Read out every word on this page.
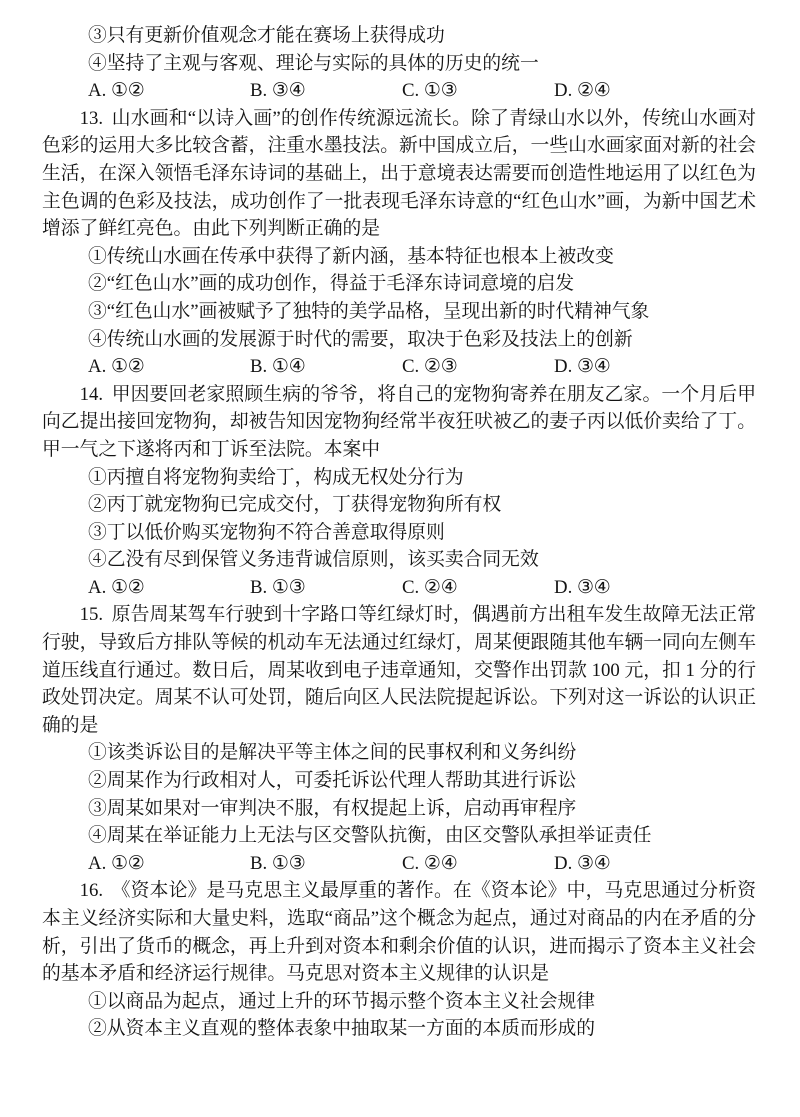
③只有更新价值观念才能在赛场上获得成功

④坚持了主观与客观、理论与实际的具体的历史的统一

A. ①②	B. ③④	C. ①③	D. ②④

13. 山水画和“以诗入画”的创作传统源远流长。除了青绿山水以外，传统山水画对色彩的运用大多比较含蓄，注重水墨技法。新中国成立后，一些山水画家面对新的社会生活，在深入领悟毛泽东诗词的基础上，出于意境表达需要而创造性地运用了以红色为主色调的色彩及技法，成功创作了一批表现毛泽东诗意的“红色山水”画，为新中国艺术增添了鲜红亮色。由此下列判断正确的是

①传统山水画在传承中获得了新内涵，基本特征也根本上被改变

②“红色山水”画的成功创作，得益于毛泽东诗词意境的启发

③“红色山水”画被赋予了独特的美学品格，呈现出新的时代精神气象

④传统山水画的发展源于时代的需要，取决于色彩及技法上的创新

A. ①②	B. ①④	C. ②③	D. ③④

14. 甲因要回老家照顾生病的爷爷，将自己的宠物狗寄养在朋友乙家。一个月后甲向乙提出接回宠物狗，却被告知因宠物狗经常半夜狂吠被乙的妻子丙以低价卖给了丁。甲一气之下遂将丙和丁诉至法院。本案中

①丙擅自将宠物狗卖给丁，构成无权处分行为

②丙丁就宠物狗已完成交付，丁获得宠物狗所有权

③丁以低价购买宠物狗不符合善意取得原则

④乙没有尽到保管义务违背诚信原则，该买卖合同无效

A. ①②	B. ①③	C. ②④	D. ③④

15. 原告周某驾车行驶到十字路口等红绿灯时，偶遇前方出租车发生故障无法正常行驶，导致后方排队等候的机动车无法通过红绿灯，周某便跟随其他车辆一同向左侧车道压线直行通过。数日后，周某收到电子违章通知，交警作出罚款 100 元，扣 1 分的行政处罚决定。周某不认可处罚，随后向区人民法院提起诉讼。下列对这一诉讼的认识正确的是

①该类诉讼目的是解决平等主体之间的民事权利和义务纠纷

②周某作为行政相对人，可委托诉讼代理人帮助其进行诉讼

③周某如果对一审判决不服，有权提起上诉，启动再审程序

④周某在举证能力上无法与区交警队抗衡，由区交警队承担举证责任

A. ①②	B. ①③	C. ②④	D. ③④

16. 《资本论》是马克思主义最厚重的著作。在《资本论》中，马克思通过分析资本主义经济实际和大量史料，选取“商品”这个概念为起点，通过对商品的内在矛盾的分析，引出了货币的概念，再上升到对资本和剩余价值的认识，进而揭示了资本主义社会的基本矛盾和经济运行规律。马克思对资本主义规律的认识是

①以商品为起点，通过上升的环节揭示整个资本主义社会规律

②从资本主义直观的整体表象中抽取某一方面的本质而形成的
